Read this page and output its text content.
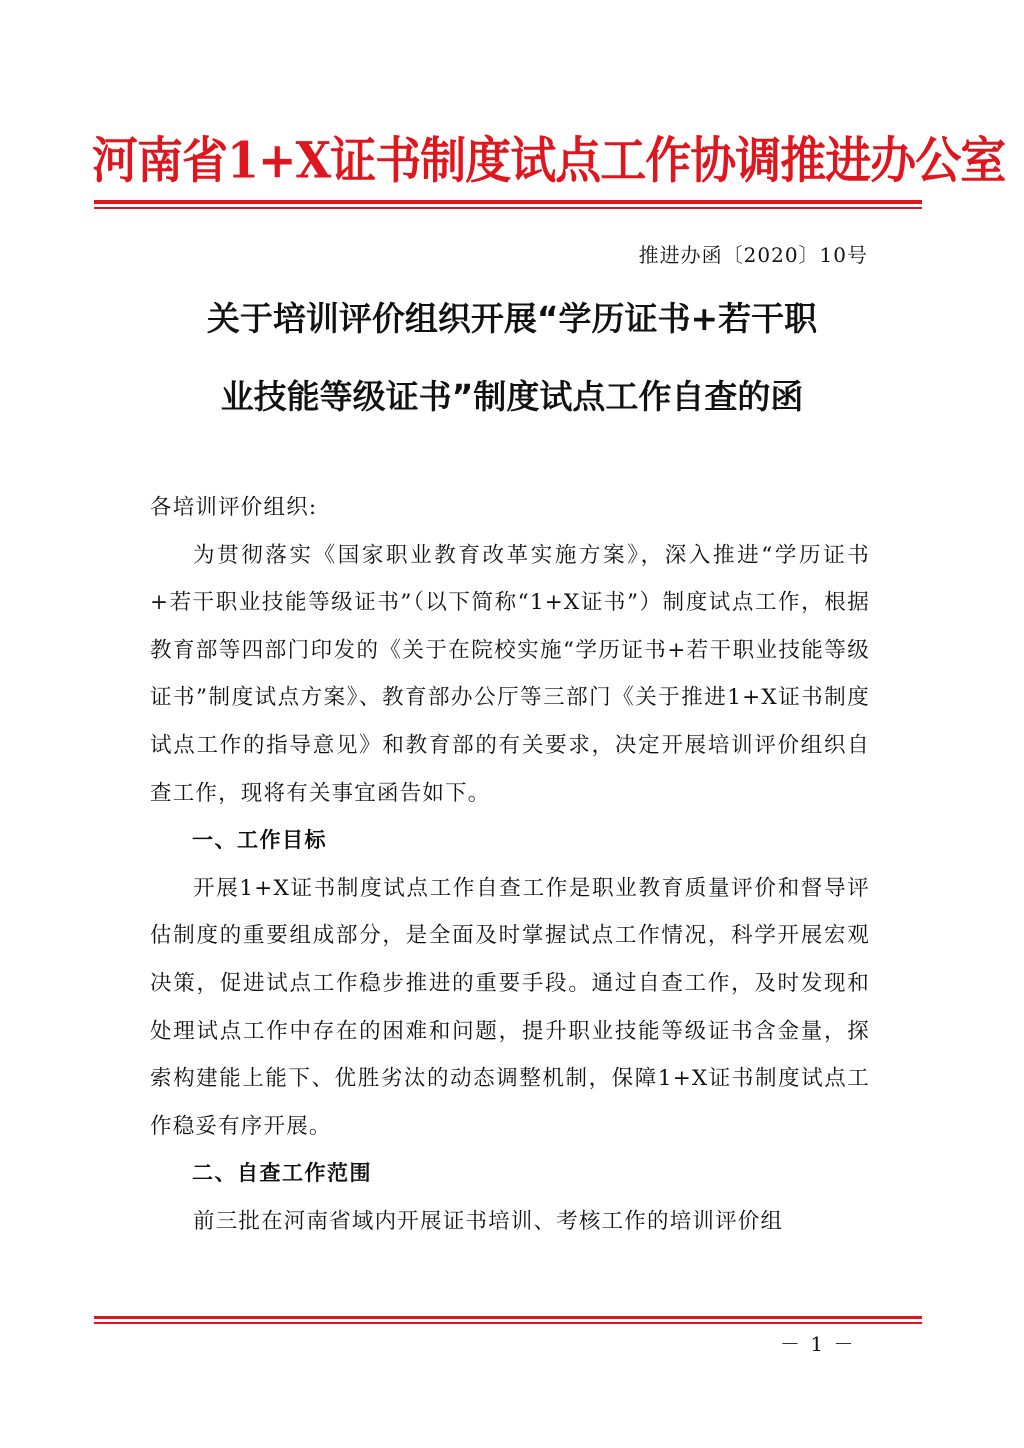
河南省1+X证书制度试点工作协调推进办公室
推进办函〔2020〕10号
关于培训评价组织开展“学历证书+若干职
业技能等级证书”制度试点工作自查的函

各培训评价组织:

为贯彻落实《国家职业教育改革实施方案》，深入推进“学历证书+若干职业技能等级证书”（以下简称“1+X证书”）制度试点工作，根据教育部等四部门印发的《关于在院校实施“学历证书+若干职业技能等级证书”制度试点方案》、教育部办公厅等三部门《关于推进1+X证书制度试点工作的指导意见》和教育部的有关要求，决定开展培训评价组织自查工作，现将有关事宜函告如下。

一、工作目标

开展1+X证书制度试点工作自查工作是职业教育质量评价和督导评估制度的重要组成部分，是全面及时掌握试点工作情况，科学开展宏观决策，促进试点工作稳步推进的重要手段。通过自查工作，及时发现和处理试点工作中存在的困难和问题，提升职业技能等级证书含金量，探索构建能上能下、优胜劣汰的动态调整机制，保障1+X证书制度试点工作稳妥有序开展。

二、自查工作范围

前三批在河南省域内开展证书培训、考核工作的培训评价组

－ 1 －
